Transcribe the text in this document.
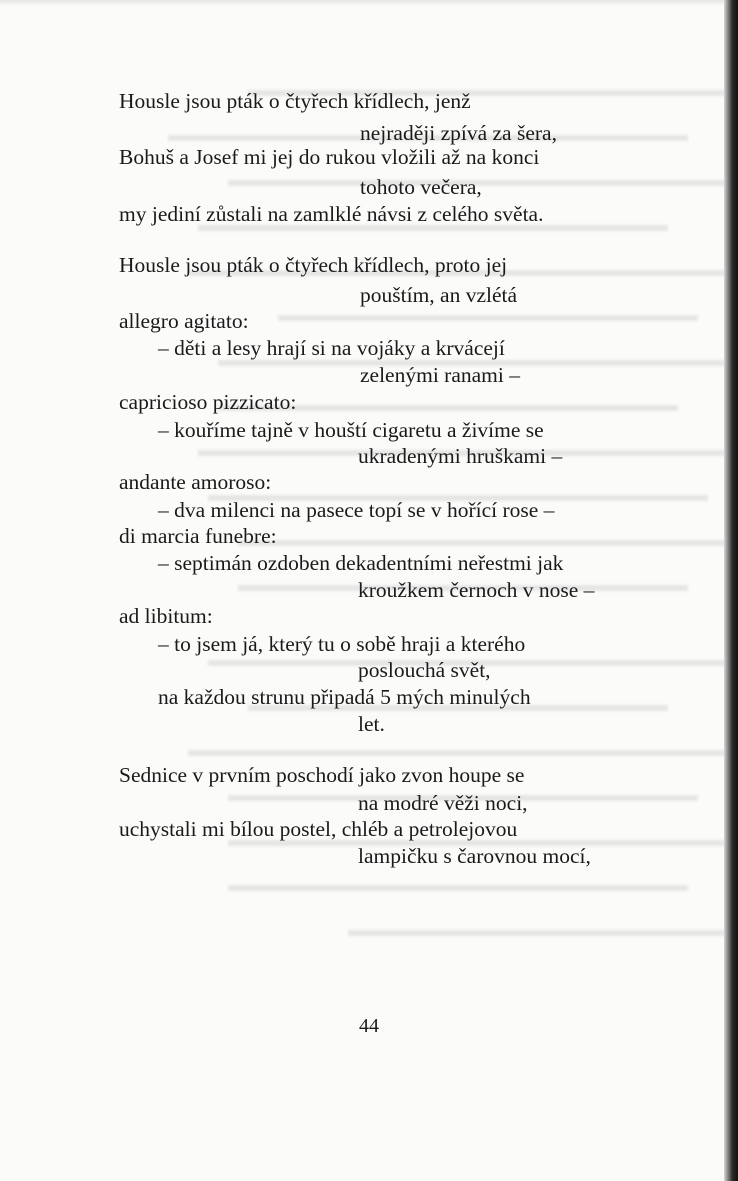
Housle jsou pták o čtyřech křídlech, jenž
nejraději zpívá za šera,
Bohuš a Josef mi jej do rukou vložili až na konci
tohoto večera,
my jediní zůstali na zamlklé návsi z celého světa.
Housle jsou pták o čtyřech křídlech, proto jej
pouštím, an vzlétá
allegro agitato:
– děti a lesy hrají si na vojáky a krvácejí
zelenými ranami –
capricioso pizzicato:
– kouříme tajně v houští cigaretu a živíme se
ukradenými hruškami –
andante amoroso:
– dva milenci na pasece topí se v hořící rose –
di marcia funebre:
– septimán ozdoben dekadentními neřestmi jak
kroužkem černoch v nose –
ad libitum:
– to jsem já, který tu o sobě hraji a kterého
poslouchá svět,
na každou strunu připadá 5 mých minulých
let.
Sednice v prvním poschodí jako zvon houpe se
na modré věži noci,
uchystali mi bílou postel, chléb a petrolejovou
lampičku s čarovnou mocí,
44
